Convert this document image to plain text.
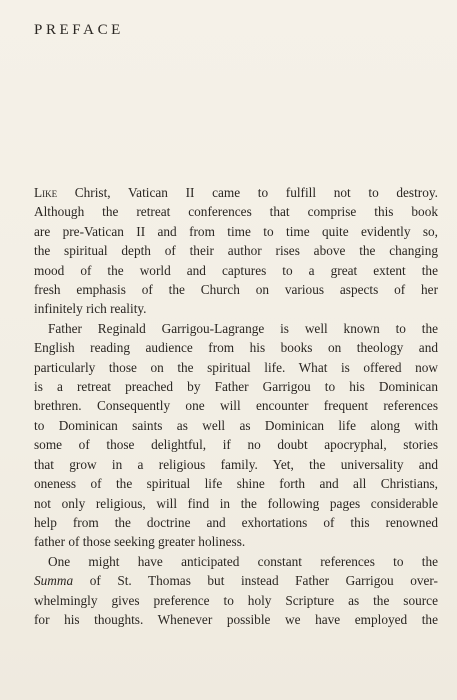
PREFACE
Like Christ, Vatican II came to fulfill not to destroy.
Although the retreat conferences that comprise this book
are pre-Vatican II and from time to time quite evidently so,
the spiritual depth of their author rises above the changing
mood of the world and captures to a great extent the
fresh emphasis of the Church on various aspects of her
infinitely rich reality.
Father Reginald Garrigou-Lagrange is well known to the
English reading audience from his books on theology and
particularly those on the spiritual life. What is offered now
is a retreat preached by Father Garrigou to his Dominican
brethren. Consequently one will encounter frequent references
to Dominican saints as well as Dominican life along with
some of those delightful, if no doubt apocryphal, stories
that grow in a religious family. Yet, the universality and
oneness of the spiritual life shine forth and all Christians,
not only religious, will find in the following pages considerable
help from the doctrine and exhortations of this renowned
father of those seeking greater holiness.
One might have anticipated constant references to the
Summa of St. Thomas but instead Father Garrigou over-
whelmingly gives preference to holy Scripture as the source
for his thoughts. Whenever possible we have employed the
